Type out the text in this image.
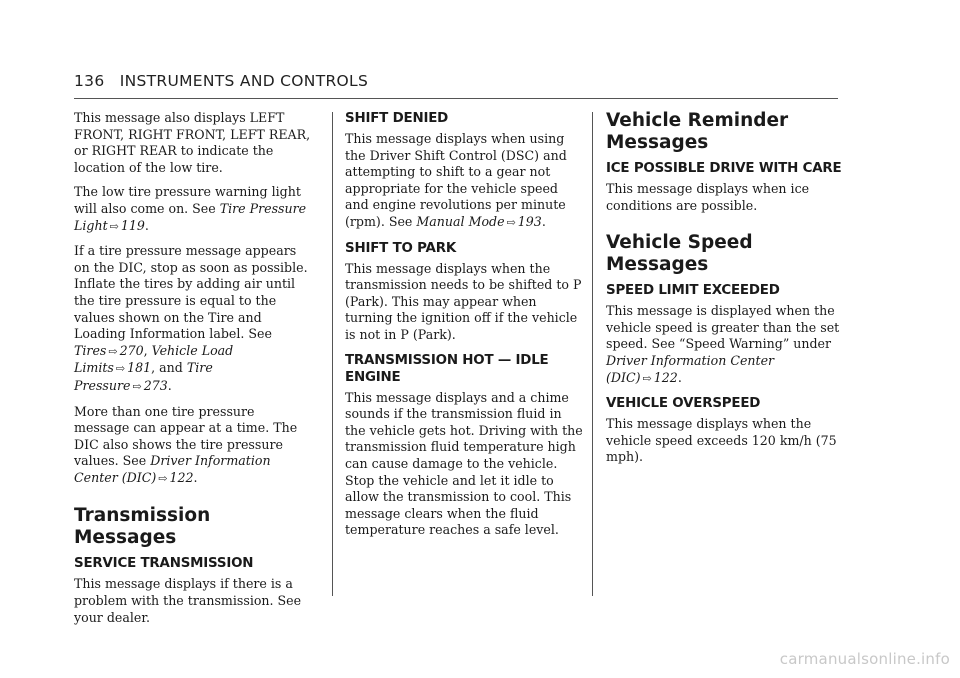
136 INSTRUMENTS AND CONTROLS

This message also displays LEFT FRONT, RIGHT FRONT, LEFT REAR, or RIGHT REAR to indicate the location of the low tire.

The low tire pressure warning light will also come on. See Tire Pressure Light ⇨ 119.

If a tire pressure message appears on the DIC, stop as soon as possible. Inflate the tires by adding air until the tire pressure is equal to the values shown on the Tire and Loading Information label. See Tires ⇨ 270, Vehicle Load Limits ⇨ 181, and Tire Pressure ⇨ 273.

More than one tire pressure message can appear at a time. The DIC also shows the tire pressure values. See Driver Information Center (DIC) ⇨ 122.

Transmission Messages
SERVICE TRANSMISSION

This message displays if there is a problem with the transmission. See your dealer.

SHIFT DENIED

This message displays when using the Driver Shift Control (DSC) and attempting to shift to a gear not appropriate for the vehicle speed and engine revolutions per minute (rpm). See Manual Mode ⇨ 193.

SHIFT TO PARK

This message displays when the transmission needs to be shifted to P (Park). This may appear when turning the ignition off if the vehicle is not in P (Park).

TRANSMISSION HOT — IDLE ENGINE

This message displays and a chime sounds if the transmission fluid in the vehicle gets hot. Driving with the transmission fluid temperature high can cause damage to the vehicle. Stop the vehicle and let it idle to allow the transmission to cool. This message clears when the fluid temperature reaches a safe level.

Vehicle Reminder Messages
ICE POSSIBLE DRIVE WITH CARE

This message displays when ice conditions are possible.

Vehicle Speed Messages
SPEED LIMIT EXCEEDED

This message is displayed when the vehicle speed is greater than the set speed. See “Speed Warning” under Driver Information Center (DIC) ⇨ 122.

VEHICLE OVERSPEED

This message displays when the vehicle speed exceeds 120 km/h (75 mph).

carmanualsonline.info
